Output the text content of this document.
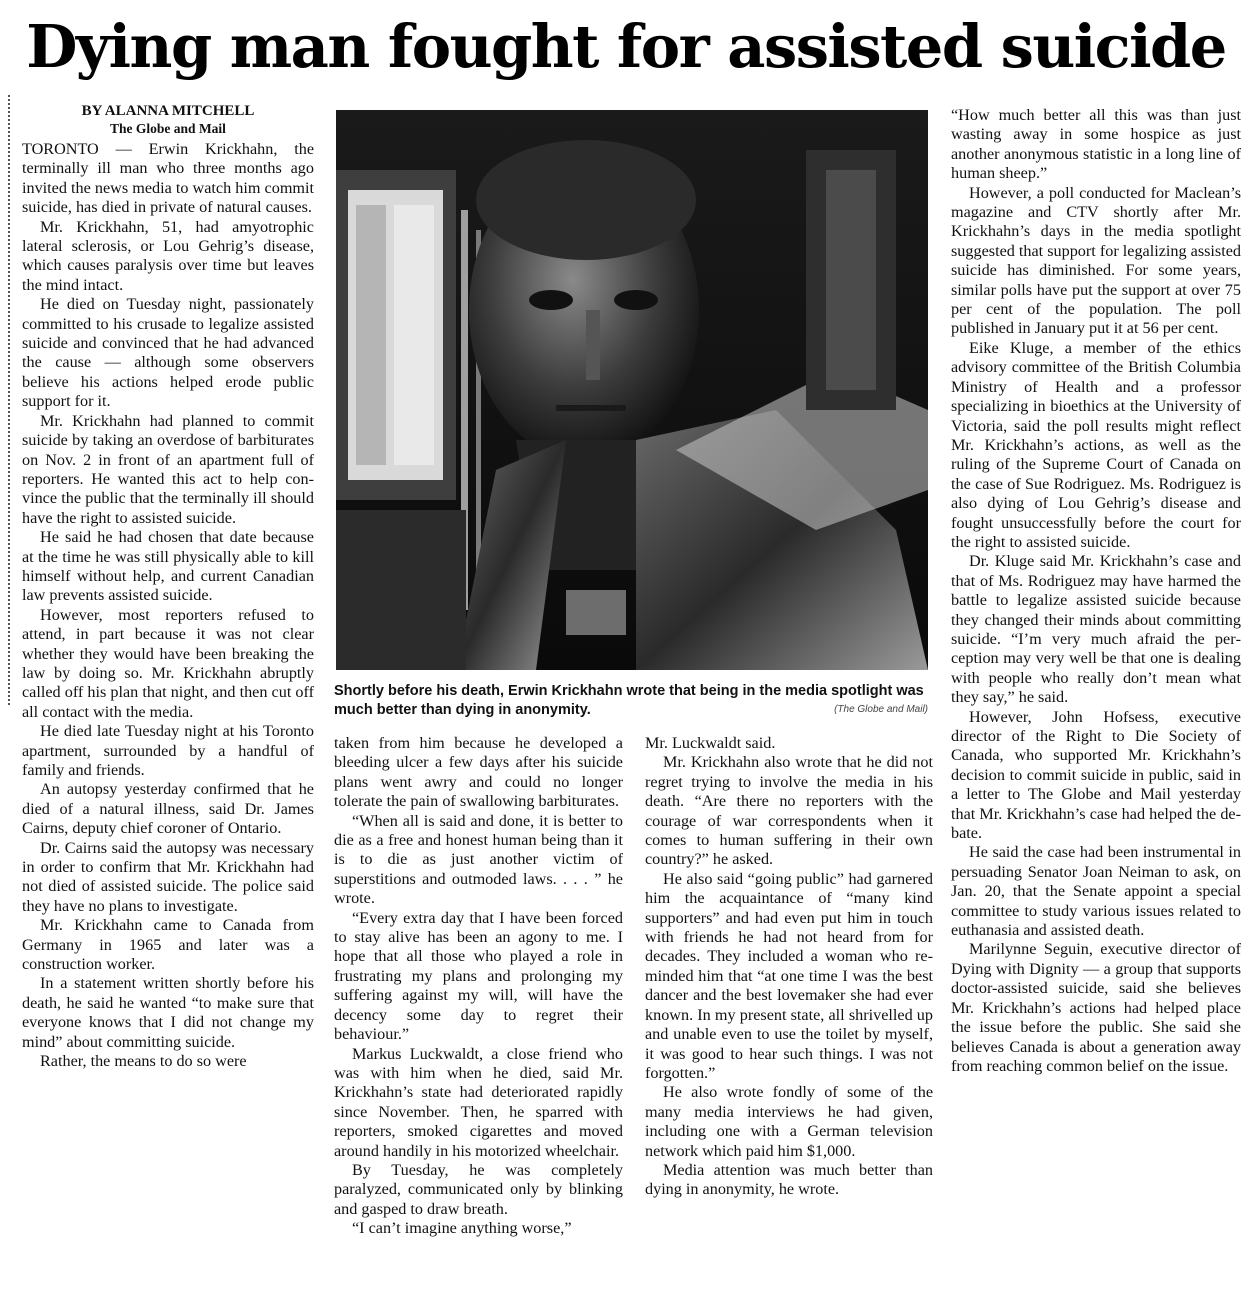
Dying man fought for assisted suicide

BY ALANNA MITCHELL

The Globe and Mail

TORONTO — Erwin Krickhahn, the terminally ill man who three months ago invited the news media to watch him commit suicide, has died in private of natural causes.

Mr. Krickhahn, 51, had amyotrophic lateral sclerosis, or Lou Gehrig’s disease, which causes paralysis over time but leaves the mind intact.

He died on Tuesday night, passionately committed to his crusade to legalize assisted suicide and convinced that he had advanced the cause — although some observers believe his actions helped erode public support for it.

Mr. Krickhahn had planned to commit suicide by taking an overdose of barbiturates on Nov. 2 in front of an apartment full of reporters. He wanted this act to help convince the public that the terminally ill should have the right to assisted suicide.

He said he had chosen that date because at the time he was still physically able to kill himself without help, and current Canadian law prevents assisted suicide.

However, most reporters refused to attend, in part because it was not clear whether they would have been breaking the law by doing so. Mr. Krickhahn abruptly called off his plan that night, and then cut off all contact with the media.

He died late Tuesday night at his Toronto apartment, surrounded by a handful of family and friends.

An autopsy yesterday confirmed that he died of a natural illness, said Dr. James Cairns, deputy chief coroner of Ontario.

Dr. Cairns said the autopsy was necessary in order to confirm that Mr. Krickhahn had not died of assisted suicide. The police said they have no plans to investigate.

Mr. Krickhahn came to Canada from Germany in 1965 and later was a construction worker.

In a statement written shortly before his death, he said he wanted “to make sure that everyone knows that I did not change my mind” about committing suicide.

Rather, the means to do so were

Shortly before his death, Erwin Krickhahn wrote that being in the media spotlight was much better than dying in anonymity.	(The Globe and Mail)

taken from him because he developed a bleeding ulcer a few days after his suicide plans went awry and could no longer tolerate the pain of swallowing barbiturates.

“When all is said and done, it is better to die as a free and honest human being than it is to die as just another victim of superstitions and outmoded laws. . . . ” he wrote.

“Every extra day that I have been forced to stay alive has been an agony to me. I hope that all those who played a role in frustrating my plans and prolonging my suffering against my will, will have the decency some day to regret their behaviour.”

Markus Luckwaldt, a close friend who was with him when he died, said Mr. Krickhahn’s state had deteriorated rapidly since November. Then, he sparred with reporters, smoked cigarettes and moved around handily in his motorized wheelchair.

By Tuesday, he was completely paralyzed, communicated only by blinking and gasped to draw breath.

“I can’t imagine anything worse,”

Mr. Luckwaldt said.

Mr. Krickhahn also wrote that he did not regret trying to involve the media in his death. “Are there no reporters with the courage of war correspondents when it comes to human suffering in their own country?” he asked.

He also said “going public” had garnered him the acquaintance of “many kind supporters” and had even put him in touch with friends he had not heard from for decades. They included a woman who reminded him that “at one time I was the best dancer and the best lovemaker she had ever known. In my present state, all shrivelled up and unable even to use the toilet by myself, it was good to hear such things. I was not forgotten.”

He also wrote fondly of some of the many media interviews he had given, including one with a German television network which paid him $1,000.

Media attention was much better than dying in anonymity, he wrote.

“How much better all this was than just wasting away in some hospice as just another anonymous statistic in a long line of human sheep.”

However, a poll conducted for Maclean’s magazine and CTV shortly after Mr. Krickhahn’s days in the media spotlight suggested that support for legalizing assisted suicide has diminished. For some years, similar polls have put the support at over 75 per cent of the population. The poll published in January put it at 56 per cent.

Eike Kluge, a member of the ethics advisory committee of the British Columbia Ministry of Health and a professor specializing in bioethics at the University of Victoria, said the poll results might reflect Mr. Krickhahn’s actions, as well as the ruling of the Supreme Court of Canada on the case of Sue Rodriguez. Ms. Rodriguez is also dying of Lou Gehrig’s disease and fought unsuccessfully before the court for the right to assisted suicide.

Dr. Kluge said Mr. Krickhahn’s case and that of Ms. Rodriguez may have harmed the battle to legalize assisted suicide because they changed their minds about committing suicide. “I’m very much afraid the perception may very well be that one is dealing with people who really don’t mean what they say,” he said.

However, John Hofsess, executive director of the Right to Die Society of Canada, who supported Mr. Krickhahn’s decision to commit suicide in public, said in a letter to The Globe and Mail yesterday that Mr. Krickhahn’s case had helped the debate.

He said the case had been instrumental in persuading Senator Joan Neiman to ask, on Jan. 20, that the Senate appoint a special committee to study various issues related to euthanasia and assisted death.

Marilynne Seguin, executive director of Dying with Dignity — a group that supports doctor-assisted suicide, said she believes Mr. Krickhahn’s actions had helped place the issue before the public. She said she believes Canada is about a generation away from reaching common belief on the issue.
